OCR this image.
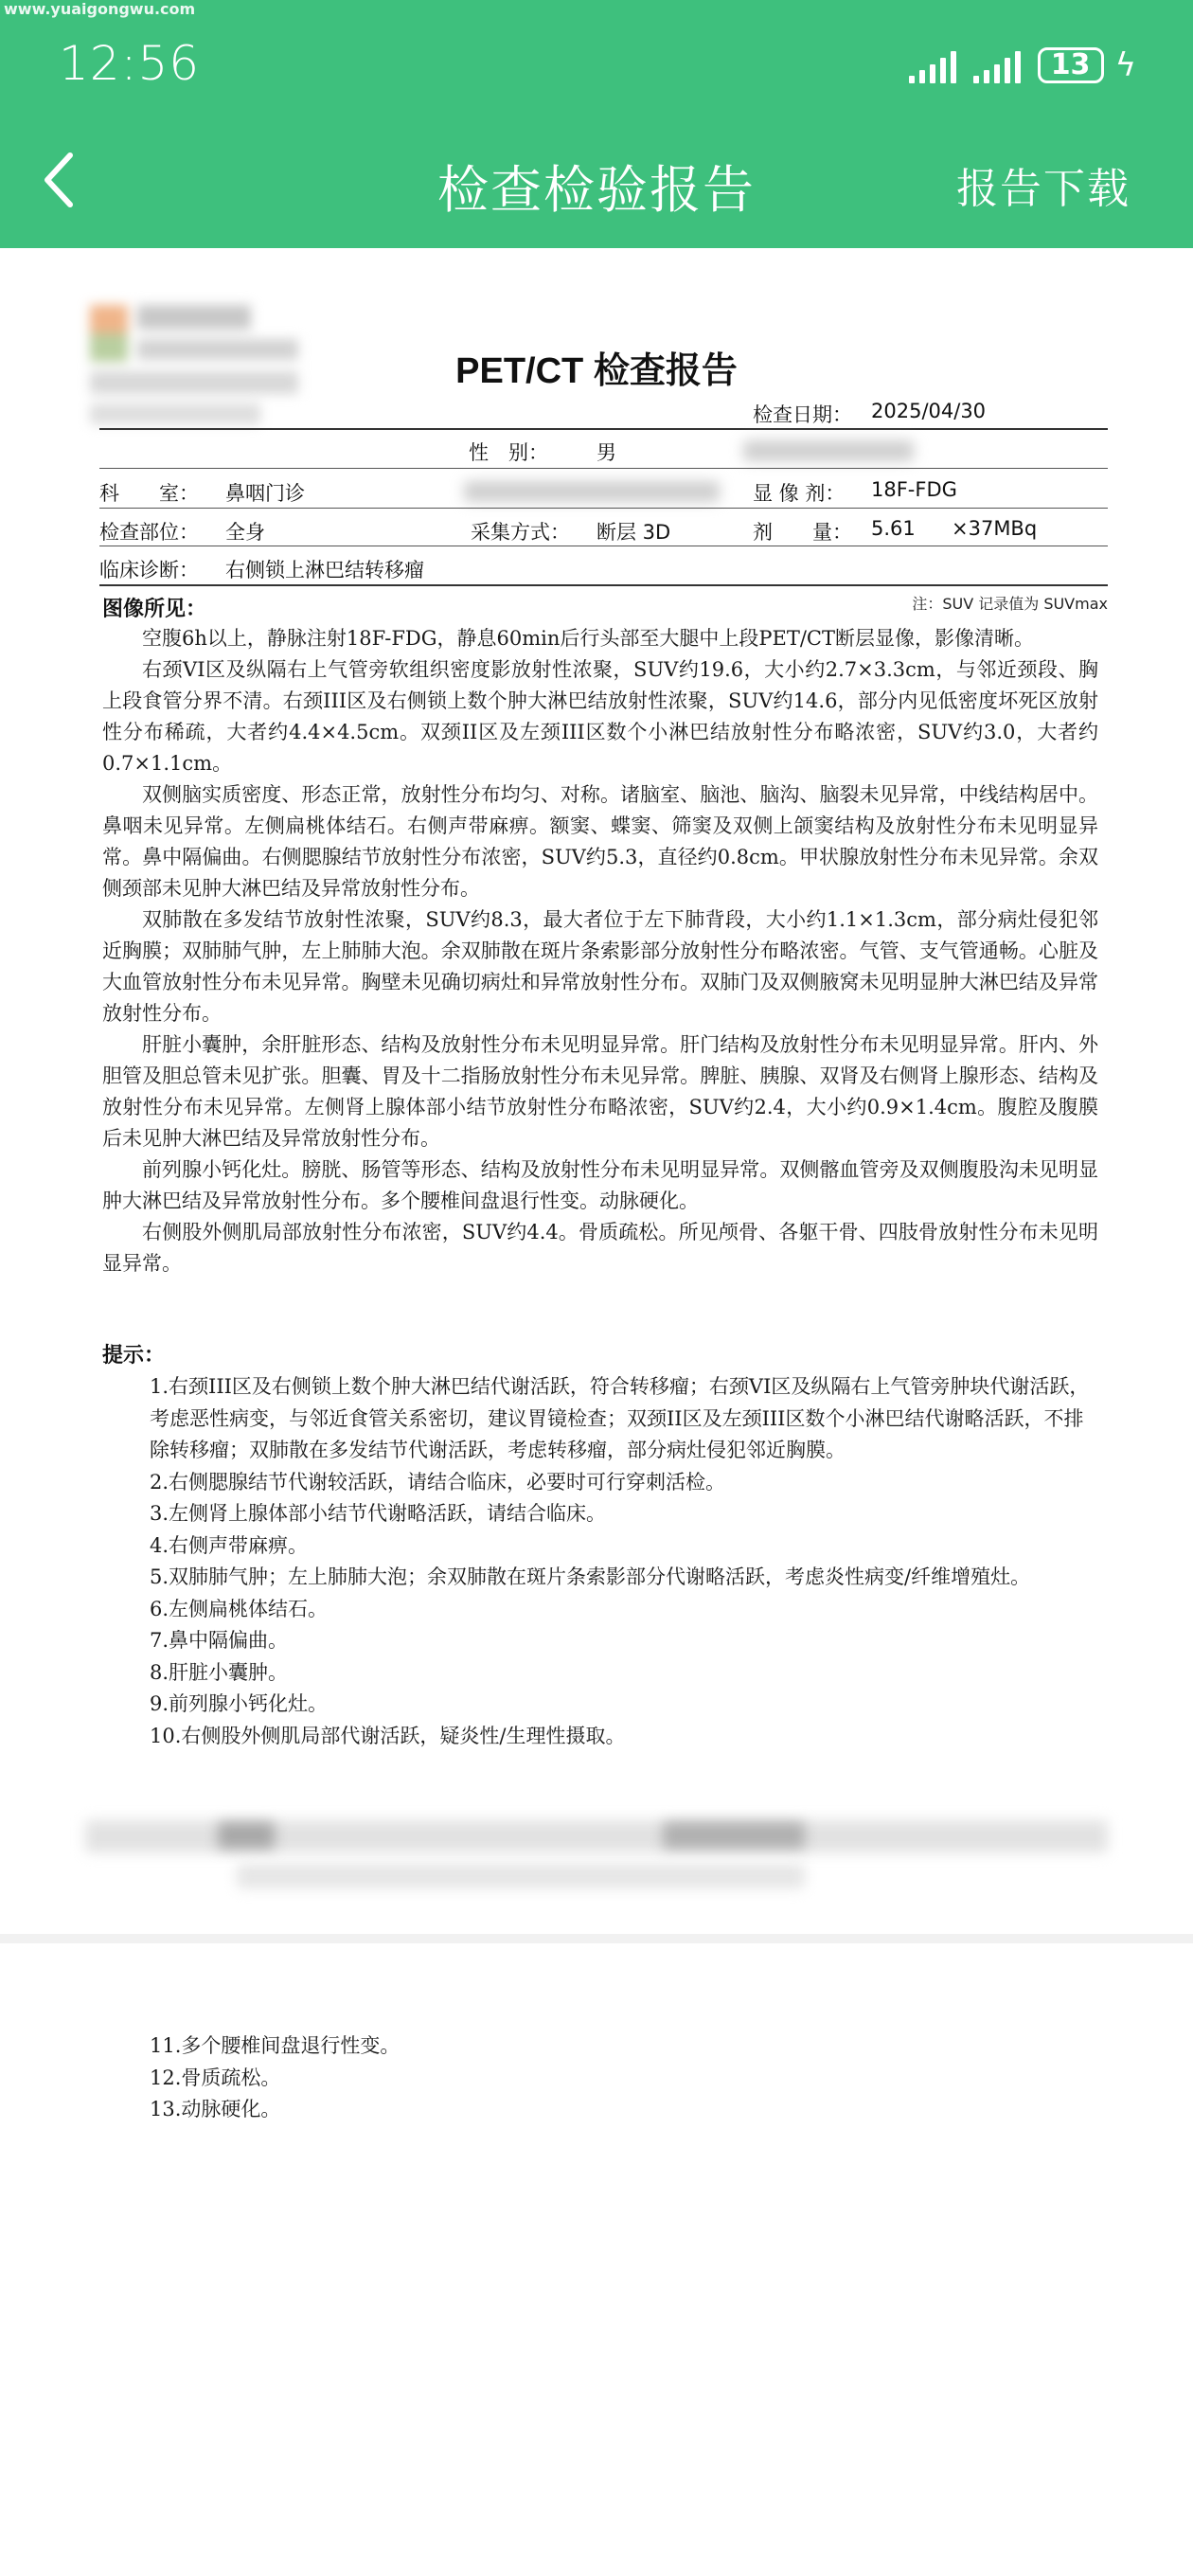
www.yuaigongwu.com
12:56	13 ϟ
检查检验报告	报告下载
PET/CT 检查报告
检查日期： 2025/04/30
性　别： 男
科　　室： 鼻咽门诊	显 像 剂： 18F-FDG
检查部位： 全身	采集方式： 断层 3D	剂　　量： 5.61 ×37MBq
临床诊断： 右侧锁上淋巴结转移瘤
图像所见：	注：SUV 记录值为 SUVmax

空腹6h以上，静脉注射18F-FDG，静息60min后行头部至大腿中上段PET/CT断层显像，影像清晰。

右颈VI区及纵隔右上气管旁软组织密度影放射性浓聚，SUV约19.6，大小约2.7×3.3cm，与邻近颈段、胸上段食管分界不清。右颈III区及右侧锁上数个肿大淋巴结放射性浓聚，SUV约14.6，部分内见低密度坏死区放射性分布稀疏，大者约4.4×4.5cm。双颈II区及左颈III区数个小淋巴结放射性分布略浓密，SUV约3.0，大者约0.7×1.1cm。

双侧脑实质密度、形态正常，放射性分布均匀、对称。诸脑室、脑池、脑沟、脑裂未见异常，中线结构居中。鼻咽未见异常。左侧扁桃体结石。右侧声带麻痹。额窦、蝶窦、筛窦及双侧上颌窦结构及放射性分布未见明显异常。鼻中隔偏曲。右侧腮腺结节放射性分布浓密，SUV约5.3，直径约0.8cm。甲状腺放射性分布未见异常。余双侧颈部未见肿大淋巴结及异常放射性分布。

双肺散在多发结节放射性浓聚，SUV约8.3，最大者位于左下肺背段，大小约1.1×1.3cm，部分病灶侵犯邻近胸膜；双肺肺气肿，左上肺肺大泡。余双肺散在斑片条索影部分放射性分布略浓密。气管、支气管通畅。心脏及大血管放射性分布未见异常。胸壁未见确切病灶和异常放射性分布。双肺门及双侧腋窝未见明显肿大淋巴结及异常放射性分布。

肝脏小囊肿，余肝脏形态、结构及放射性分布未见明显异常。肝门结构及放射性分布未见明显异常。肝内、外胆管及胆总管未见扩张。胆囊、胃及十二指肠放射性分布未见异常。脾脏、胰腺、双肾及右侧肾上腺形态、结构及放射性分布未见异常。左侧肾上腺体部小结节放射性分布略浓密，SUV约2.4，大小约0.9×1.4cm。腹腔及腹膜后未见肿大淋巴结及异常放射性分布。

前列腺小钙化灶。膀胱、肠管等形态、结构及放射性分布未见明显异常。双侧髂血管旁及双侧腹股沟未见明显肿大淋巴结及异常放射性分布。多个腰椎间盘退行性变。动脉硬化。

右侧股外侧肌局部放射性分布浓密，SUV约4.4。骨质疏松。所见颅骨、各躯干骨、四肢骨放射性分布未见明显异常。

提示：

1.右颈III区及右侧锁上数个肿大淋巴结代谢活跃，符合转移瘤；右颈VI区及纵隔右上气管旁肿块代谢活跃，考虑恶性病变，与邻近食管关系密切，建议胃镜检查；双颈II区及左颈III区数个小淋巴结代谢略活跃，不排除转移瘤；双肺散在多发结节代谢活跃，考虑转移瘤，部分病灶侵犯邻近胸膜。

2.右侧腮腺结节代谢较活跃，请结合临床，必要时可行穿刺活检。

3.左侧肾上腺体部小结节代谢略活跃，请结合临床。

4.右侧声带麻痹。

5.双肺肺气肿；左上肺肺大泡；余双肺散在斑片条索影部分代谢略活跃，考虑炎性病变/纤维增殖灶。

6.左侧扁桃体结石。

7.鼻中隔偏曲。

8.肝脏小囊肿。

9.前列腺小钙化灶。

10.右侧股外侧肌局部代谢活跃，疑炎性/生理性摄取。

11.多个腰椎间盘退行性变。

12.骨质疏松。

13.动脉硬化。
